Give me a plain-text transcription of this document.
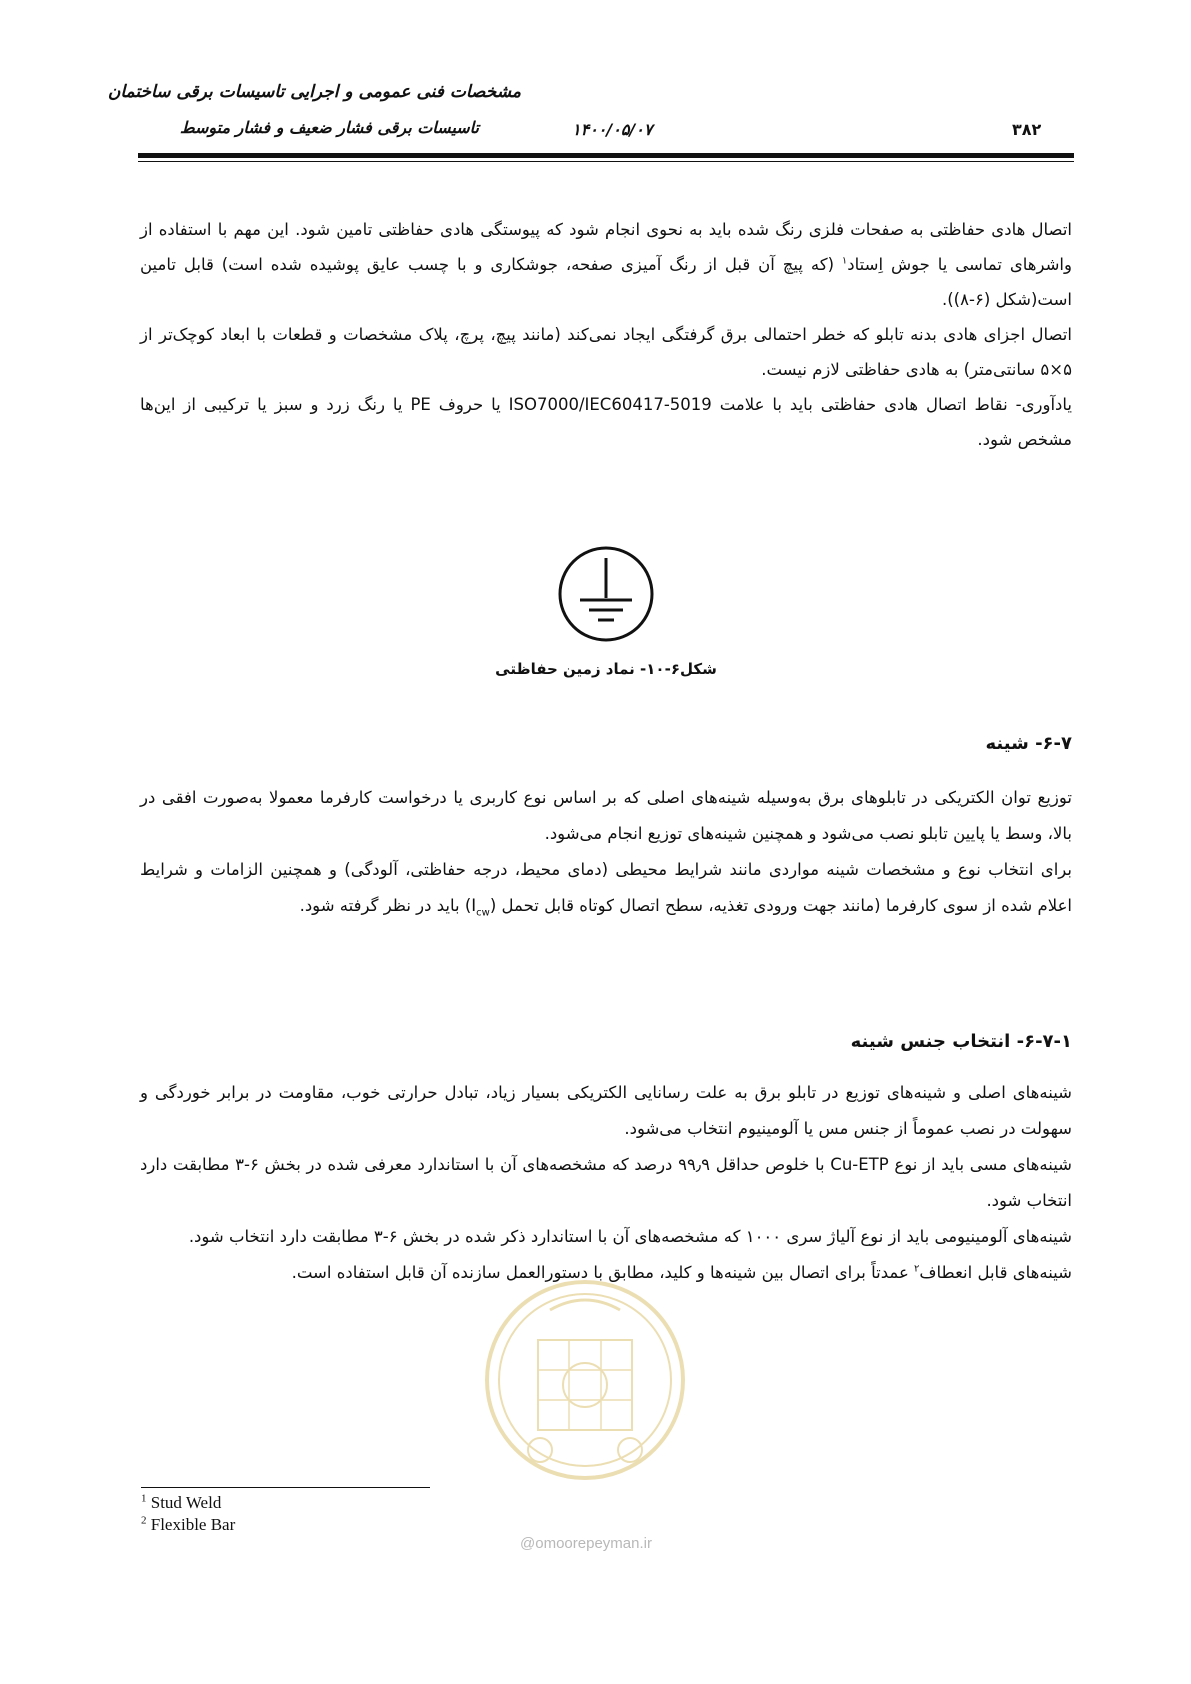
مشخصات فنی عمومی و اجرایی تاسیسات برقی ساختمان
تاسیسات برقی فشار ضعیف و فشار متوسط	۱۴۰۰/۰۵/۰۷	۳۸۲

اتصال هادی حفاظتی به صفحات فلزی رنگ شده باید به نحوی انجام شود که پیوستگی هادی حفاظتی تامین شود. این مهم با استفاده از واشرهای تماسی یا جوش اِستاد$^۱$ (که پیچ آن قبل از رنگ آمیزی صفحه، جوشکاری و با چسب عایق پوشیده شده است) قابل تامین است(شکل (۶-۸)).

اتصال اجزای هادی بدنه تابلو که خطر احتمالی برق گرفتگی ایجاد نمی‌کند (مانند پیچ، پرچ، پلاک مشخصات و قطعات با ابعاد کوچک‌تر از ۵×۵ سانتی‌متر) به هادی حفاظتی لازم نیست.

یادآوری- نقاط اتصال هادی حفاظتی باید با علامت ISO7000/IEC60417-5019 یا حروف PE یا رنگ زرد و سبز یا ترکیبی از این‌ها مشخص شود.

شکل۶-۱۰- نماد زمین حفاظتی
۶-۷- شینه

توزیع توان الکتریکی در تابلوهای برق به‌وسیله شینه‌های اصلی که بر اساس نوع کاربری یا درخواست کارفرما معمولا به‌صورت افقی در بالا، وسط یا پایین تابلو نصب می‌شود و همچنین شینه‌های توزیع انجام می‌شود.

برای انتخاب نوع و مشخصات شینه مواردی مانند شرایط محیطی (دمای محیط، درجه حفاظتی، آلودگی) و همچنین الزامات و شرایط اعلام شده از سوی کارفرما (مانند جهت ورودی تغذیه، سطح اتصال کوتاه قابل تحمل $(I_{cw})$ باید در نظر گرفته شود.

۶-۷-۱- انتخاب جنس شینه

شینه‌های اصلی و شینه‌های توزیع در تابلو برق به علت رسانایی الکتریکی بسیار زیاد، تبادل حرارتی خوب، مقاومت در برابر خوردگی و سهولت در نصب عموماً از جنس مس یا آلومینیوم انتخاب می‌شود.

شینه‌های مسی باید از نوع Cu-ETP با خلوص حداقل ۹۹٫۹ درصد که مشخصه‌های آن با استاندارد معرفی شده در بخش ۶-۳ مطابقت دارد انتخاب شود.

شینه‌های آلومینیومی باید از نوع آلیاژ سری ۱۰۰۰ که مشخصه‌های آن با استاندارد ذکر شده در بخش ۶-۳ مطابقت دارد انتخاب شود.

شینه‌های قابل انعطاف$^۲$ عمدتاً برای اتصال بین شینه‌ها و کلید، مطابق با دستورالعمل سازنده آن قابل استفاده است.

@omoorepeyman.ir
$^1$ Stud Weld
$^2$ Flexible Bar
